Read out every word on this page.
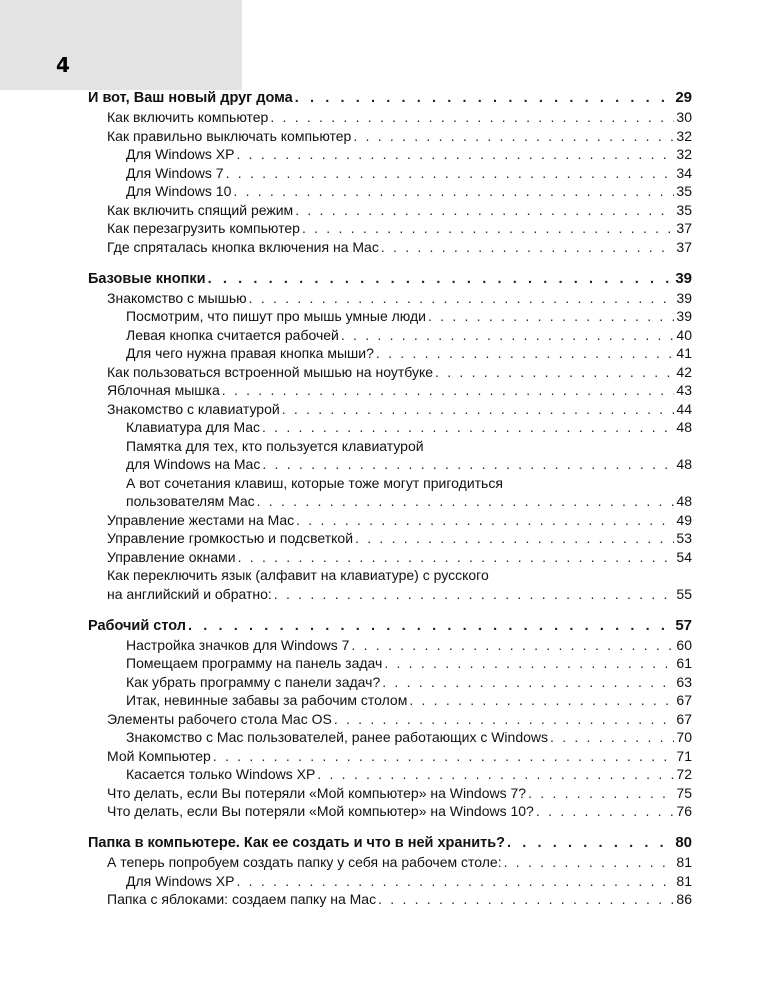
4
И вот, Ваш новый друг дома . . .	29
Как включить компьютер . . .	30
Как правильно выключать компьютер . . .	32
Для Windows XP . . .	32
Для Windows 7 . . .	34
Для Windows 10 . . .	35
Как включить спящий режим . . .	35
Как перезагрузить компьютер . . .	37
Где спряталась кнопка включения на Mac . . .	37
Базовые кнопки . . .	39
Знакомство с мышью . . .	39
Посмотрим, что пишут про мышь умные люди . . .	39
Левая кнопка считается рабочей . . .	40
Для чего нужна правая кнопка мыши? . . .	41
Как пользоваться встроенной мышью на ноутбуке . . .	42
Яблочная мышка . . .	43
Знакомство с клавиатурой . . .	44
Клавиатура для Mac . . .	48
Памятка для тех, кто пользуется клавиатурой
для Windows на Mac . . .	48
А вот сочетания клавиш, которые тоже могут пригодиться
пользователям Mac . . .	48
Управление жестами на Mac . . .	49
Управление громкостью и подсветкой . . .	53
Управление окнами . . .	54
Как переключить язык (алфавит на клавиатуре) с русского
на английский и обратно: . . .	55
Рабочий стол . . .	57
Настройка значков для Windows 7 . . .	60
Помещаем программу на панель задач . . .	61
Как убрать программу с панели задач? . . .	63
Итак, невинные забавы за рабочим столом . . .	67
Элементы рабочего стола Mac OS . . .	67
Знакомство с Mac пользователей, ранее работающих с Windows . . .	70
Мой Компьютер . . .	71
Касается только Windows XP . . .	72
Что делать, если Вы потеряли «Мой компьютер» на Windows 7? . . .	75
Что делать, если Вы потеряли «Мой компьютер» на Windows 10? . . .	76
Папка в компьютере. Как ее создать и что в ней хранить? . . .	80
А теперь попробуем создать папку у себя на рабочем столе: . . .	81
Для Windows XP . . .	81
Папка с яблоками: создаем папку на Mac . . .	86
